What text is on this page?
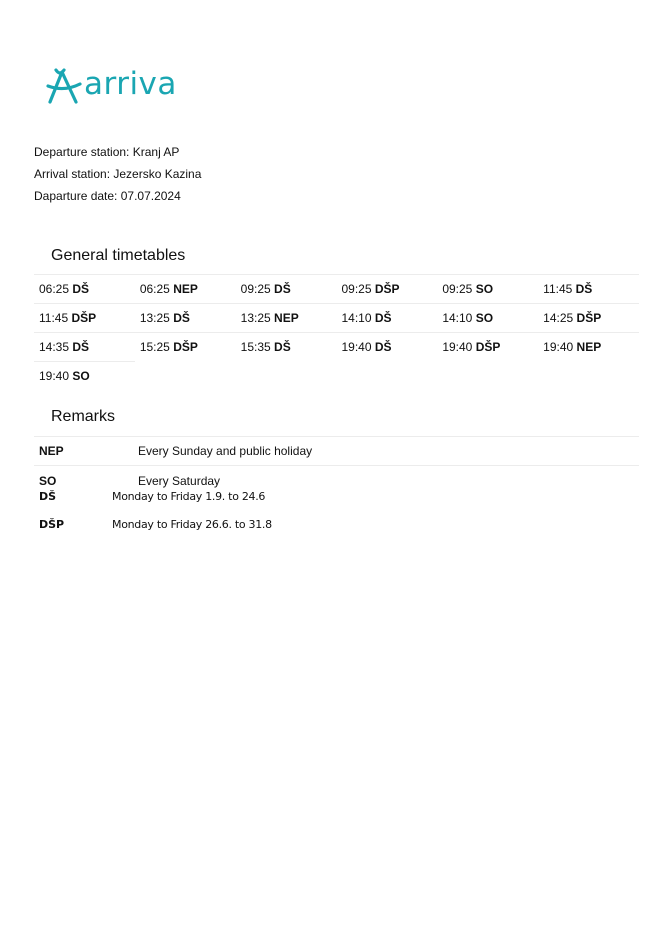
arriva
Departure station: Kranj AP
Arrival station: Jezersko Kazina
Daparture date: 07.07.2024
General timetables
06:25 DŠ	06:25 NEP	09:25 DŠ	09:25 DŠP	09:25 SO	11:45 DŠ
11:45 DŠP	13:25 DŠ	13:25 NEP	14:10 DŠ	14:10 SO	14:25 DŠP
14:35 DŠ	15:25 DŠP	15:35 DŠ	19:40 DŠ	19:40 DŠP	19:40 NEP
19:40 SO
Remarks
NEP	Every Sunday and public holiday
SO	Every Saturday
DŠ	Monday to Friday 1.9. to 24.6
DŠP	Monday to Friday 26.6. to 31.8
